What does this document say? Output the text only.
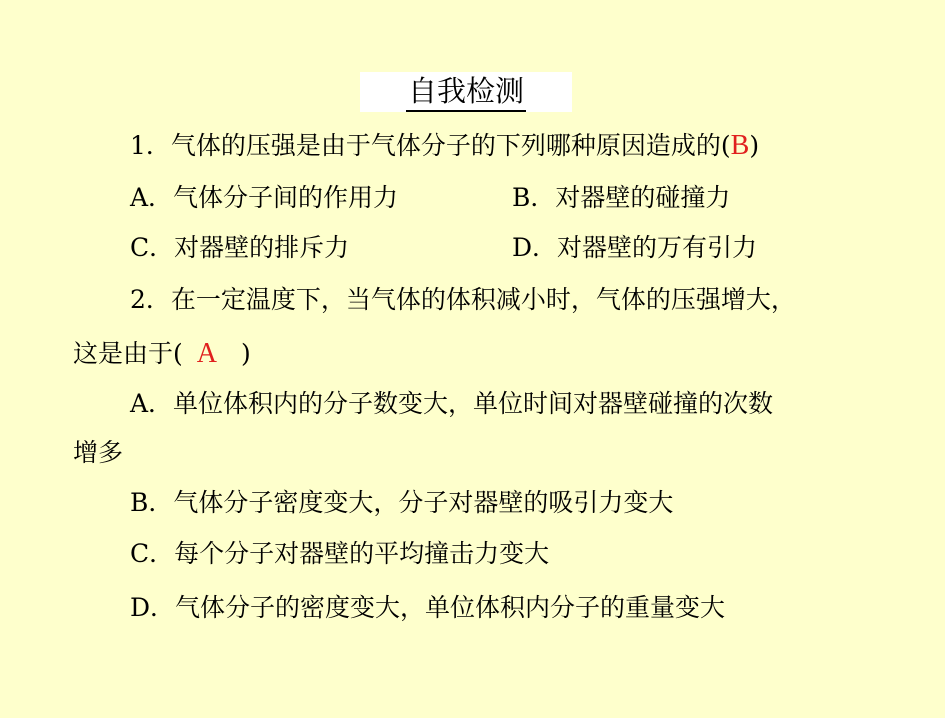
自我检测
1．气体的压强是由于气体分子的下列哪种原因造成的(B)
A．气体分子间的作用力	B．对器壁的碰撞力
C．对器壁的排斥力	D．对器壁的万有引力
2．在一定温度下，当气体的体积减小时，气体的压强增大，
这是由于( A )
A．单位体积内的分子数变大，单位时间对器壁碰撞的次数
增多
B．气体分子密度变大，分子对器壁的吸引力变大
C．每个分子对器壁的平均撞击力变大
D．气体分子的密度变大，单位体积内分子的重量变大
